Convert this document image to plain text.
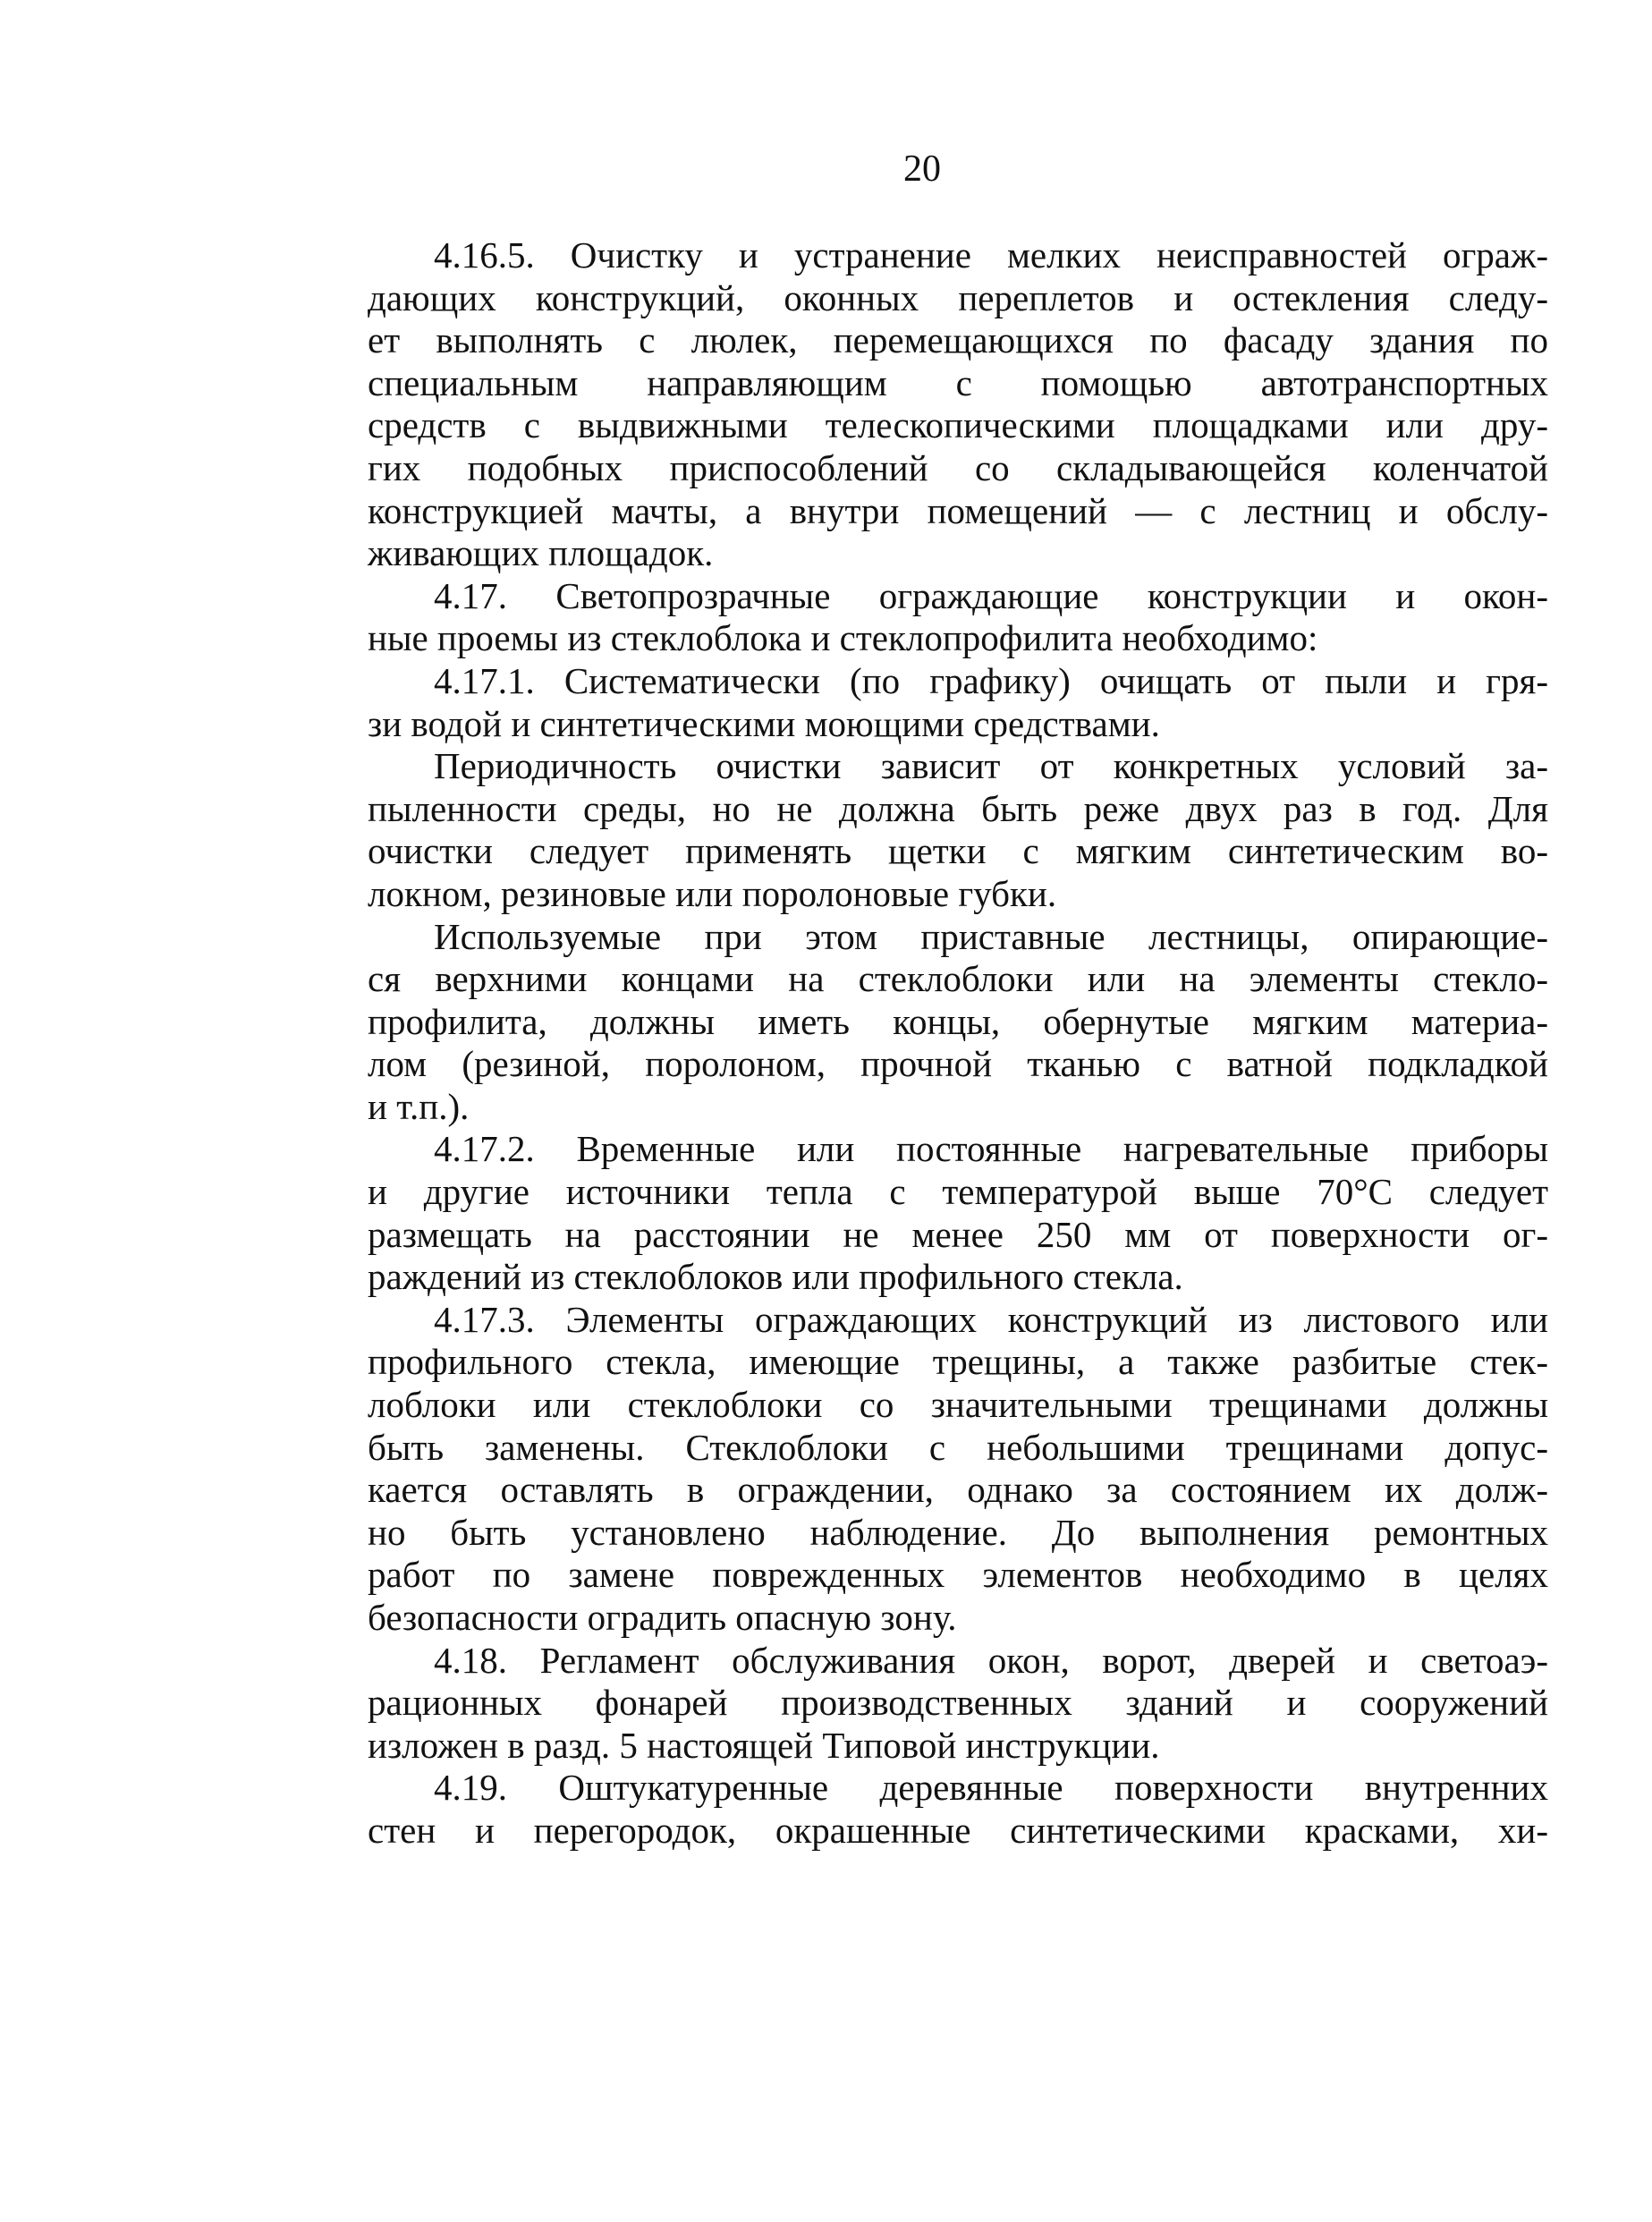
20
4.16.5. Очистку и устранение мелких неисправностей ограж-
дающих конструкций, оконных переплетов и остекления следу-
ет выполнять с люлек, перемещающихся по фасаду здания по
специальным направляющим с помощью автотранспортных
средств с выдвижными телескопическими площадками или дру-
гих подобных приспособлений со складывающейся коленчатой
конструкцией мачты, а внутри помещений — с лестниц и обслу-
живающих площадок.
4.17. Светопрозрачные ограждающие конструкции и окон-
ные проемы из стеклоблока и стеклопрофилита необходимо:
4.17.1. Систематически (по графику) очищать от пыли и гря-
зи водой и синтетическими моющими средствами.
Периодичность очистки зависит от конкретных условий за-
пыленности среды, но не должна быть реже двух раз в год. Для
очистки следует применять щетки с мягким синтетическим во-
локном, резиновые или поролоновые губки.
Используемые при этом приставные лестницы, опирающие-
ся верхними концами на стеклоблоки или на элементы стекло-
профилита, должны иметь концы, обернутые мягким материа-
лом (резиной, поролоном, прочной тканью с ватной подкладкой
и т.п.).
4.17.2. Временные или постоянные нагревательные приборы
и другие источники тепла с температурой выше 70°С следует
размещать на расстоянии не менее 250 мм от поверхности ог-
раждений из стеклоблоков или профильного стекла.
4.17.3. Элементы ограждающих конструкций из листового или
профильного стекла, имеющие трещины, а также разбитые стек-
лоблоки или стеклоблоки со значительными трещинами должны
быть заменены. Стеклоблоки с небольшими трещинами допус-
кается оставлять в ограждении, однако за состоянием их долж-
но быть установлено наблюдение. До выполнения ремонтных
работ по замене поврежденных элементов необходимо в целях
безопасности оградить опасную зону.
4.18. Регламент обслуживания окон, ворот, дверей и светоаэ-
рационных фонарей производственных зданий и сооружений
изложен в разд. 5 настоящей Типовой инструкции.
4.19. Оштукатуренные деревянные поверхности внутренних
стен и перегородок, окрашенные синтетическими красками, хи-
